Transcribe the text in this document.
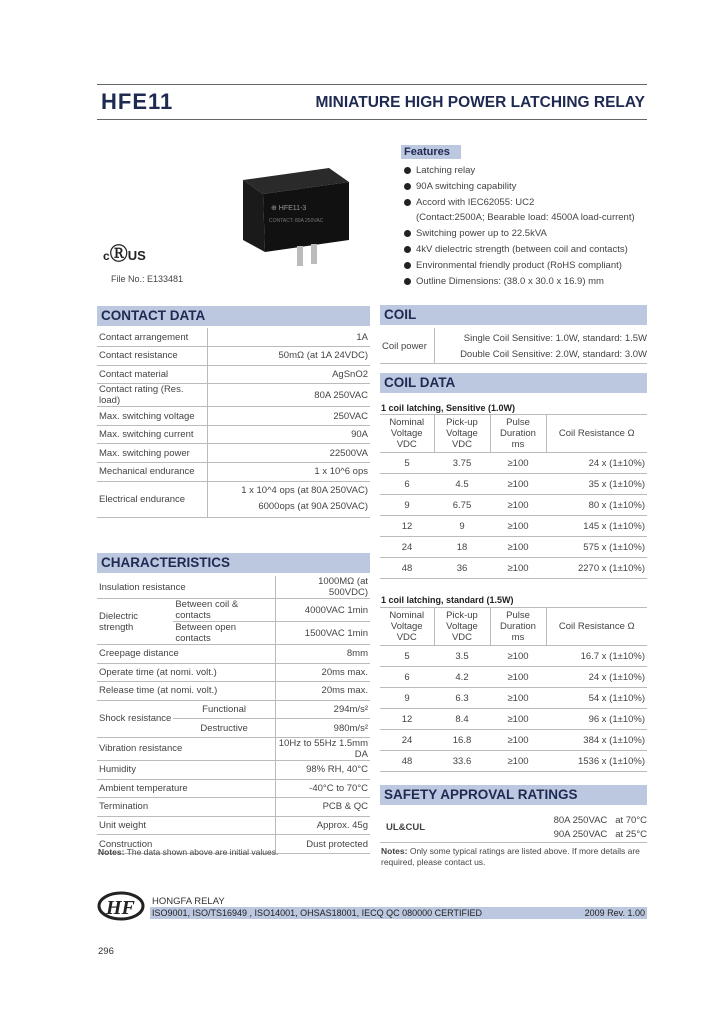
HFE11	MINIATURE HIGH POWER LATCHING RELAY
⊕ HFE11-3
CONTACT: 80A 250VAC
cⓇUS
File No.: E133481
Features
Latching relay
90A switching capability
Accord with IEC62055: UC2
(Contact:2500A; Bearable load: 4500A load-current)
Switching power up to 22.5kVA
4kV dielectric strength (between coil and contacts)
Environmental friendly product (RoHS compliant)
Outline Dimensions: (38.0 x 30.0 x 16.9) mm
CONTACT DATA
Contact arrangement	1A
Contact resistance	50mΩ (at 1A 24VDC)
Contact material	AgSnO2
Contact rating (Res. load)	80A 250VAC
Max. switching voltage	250VAC
Max. switching current	90A
Max. switching power	22500VA
Mechanical endurance	1 x 10^6 ops
Electrical endurance	1 x 10^4 ops (at 80A 250VAC)
6000ops (at 90A 250VAC)
COIL
Coil power
Single Coil Sensitive: 1.0W, standard: 1.5W
Double Coil Sensitive: 2.0W, standard: 3.0W
COIL DATA
1 coil latching, Sensitive (1.0W)
Nominal Voltage VDC	Pick-up Voltage VDC	Pulse Duration ms	Coil Resistance Ω
5	3.75	≥100	24 x (1±10%)
6	4.5	≥100	35 x (1±10%)
9	6.75	≥100	80 x (1±10%)
12	9	≥100	145 x (1±10%)
24	18	≥100	575 x (1±10%)
48	36	≥100	2270 x (1±10%)
1 coil latching, standard (1.5W)
Nominal Voltage VDC	Pick-up Voltage VDC	Pulse Duration ms	Coil Resistance Ω
5	3.5	≥100	16.7 x (1±10%)
6	4.2	≥100	24 x (1±10%)
9	6.3	≥100	54 x (1±10%)
12	8.4	≥100	96 x (1±10%)
24	16.8	≥100	384 x (1±10%)
48	33.6	≥100	1536 x (1±10%)
CHARACTERISTICS
Insulation resistance		1000MΩ (at 500VDC)
Dielectric strength	Between coil & contacts	4000VAC 1min
	Between open contacts	1500VAC 1min
Creepage distance		8mm
Operate time (at nomi. volt.)		20ms max.
Release time (at nomi. volt.)		20ms max.
Shock resistance	Functional	294m/s²
	Destructive	980m/s²
Vibration resistance		10Hz to 55Hz 1.5mm DA
Humidity		98% RH, 40°C
Ambient temperature		-40°C to 70°C
Termination		PCB & QC
Unit weight		Approx. 45g
Construction		Dust protected
Notes: The data shown above are initial values.
SAFETY APPROVAL RATINGS
UL&CUL
80A 250VAC   at 70°C
90A 250VAC   at 25°C
Notes: Only some typical ratings are listed above. If more details are required, please contact us.
HF HONGFA RELAY
ISO9001, ISO/TS16949 , ISO14001, OHSAS18001, IECQ QC 080000 CERTIFIED	2009 Rev. 1.00
296
